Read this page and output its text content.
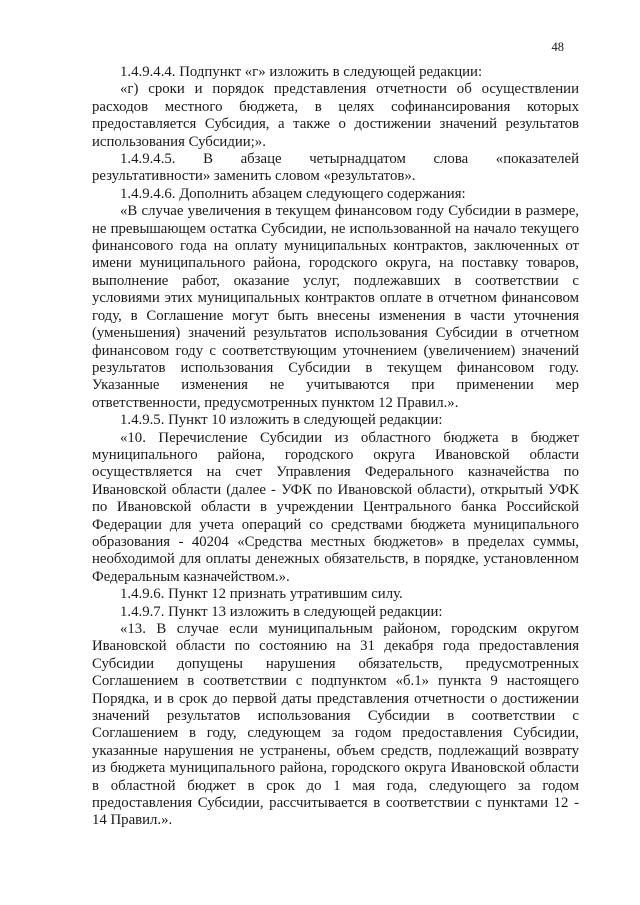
48

1.4.9.4.4. Подпункт «г» изложить в следующей редакции:

«г) сроки и порядок представления отчетности об осуществлении расходов местного бюджета, в целях софинансирования которых предоставляется Субсидия, а также о достижении значений результатов использования Субсидии;».

1.4.9.4.5. В абзаце четырнадцатом слова «показателей результативности» заменить словом «результатов».

1.4.9.4.6. Дополнить абзацем следующего содержания:

«В случае увеличения в текущем финансовом году Субсидии в размере, не превышающем остатка Субсидии, не использованной на начало текущего финансового года на оплату муниципальных контрактов, заключенных от имени муниципального района, городского округа, на поставку товаров, выполнение работ, оказание услуг, подлежавших в соответствии с условиями этих муниципальных контрактов оплате в отчетном финансовом году, в Соглашение могут быть внесены изменения в части уточнения (уменьшения) значений результатов использования Субсидии в отчетном финансовом году с соответствующим уточнением (увеличением) значений результатов использования Субсидии в текущем финансовом году. Указанные изменения не учитываются при применении мер ответственности, предусмотренных пунктом 12 Правил.».

1.4.9.5. Пункт 10 изложить в следующей редакции:

«10. Перечисление Субсидии из областного бюджета в бюджет муниципального района, городского округа Ивановской области осуществляется на счет Управления Федерального казначейства по Ивановской области (далее - УФК по Ивановской области), открытый УФК по Ивановской области в учреждении Центрального банка Российской Федерации для учета операций со средствами бюджета муниципального образования - 40204 «Средства местных бюджетов» в пределах суммы, необходимой для оплаты денежных обязательств, в порядке, установленном Федеральным казначейством.».

1.4.9.6. Пункт 12 признать утратившим силу.

1.4.9.7. Пункт 13 изложить в следующей редакции:

«13. В случае если муниципальным районом, городским округом Ивановской области по состоянию на 31 декабря года предоставления Субсидии допущены нарушения обязательств, предусмотренных Соглашением в соответствии с подпунктом «б.1» пункта 9 настоящего Порядка, и в срок до первой даты представления отчетности о достижении значений результатов использования Субсидии в соответствии с Соглашением в году, следующем за годом предоставления Субсидии, указанные нарушения не устранены, объем средств, подлежащий возврату из бюджета муниципального района, городского округа Ивановской области в областной бюджет в срок до 1 мая года, следующего за годом предоставления Субсидии, рассчитывается в соответствии с пунктами 12 - 14 Правил.».
